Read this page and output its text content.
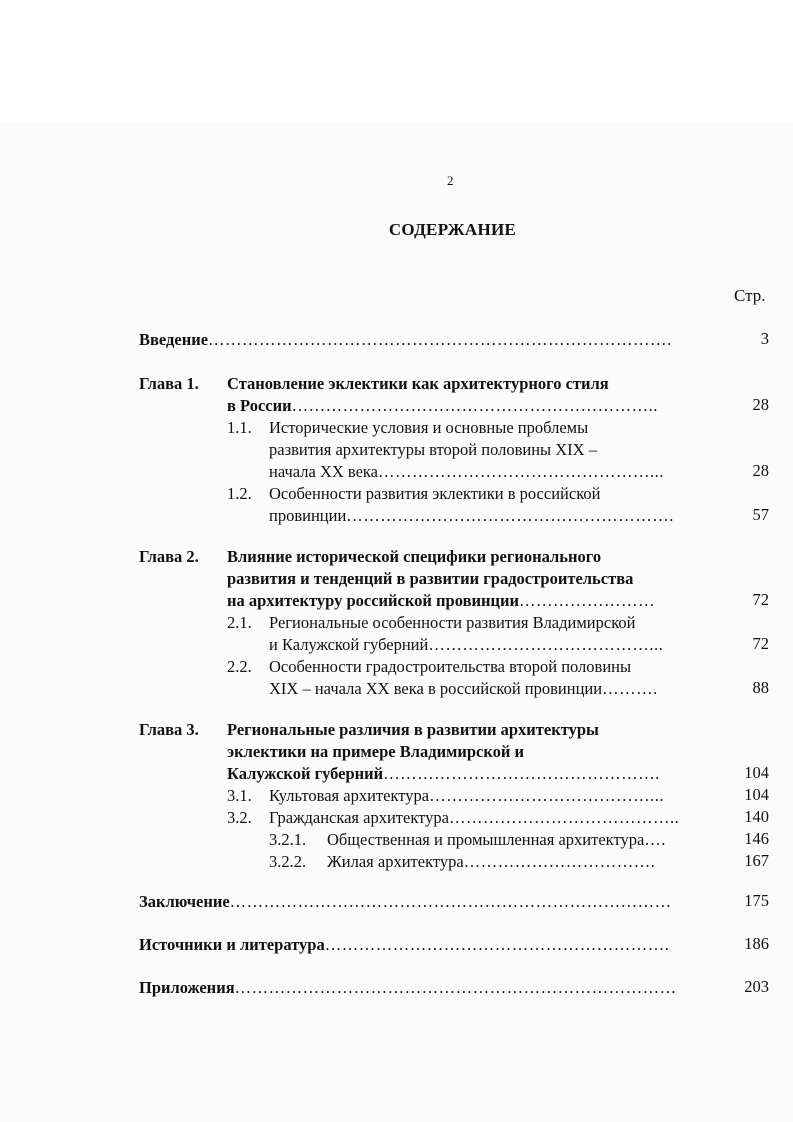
2
СОДЕРЖАНИЕ
Стр.
Введение……………………………………………………………………….	3
Глава 1. Становление эклектики как архитектурного стиля
в России………………………………………………………..	28
1.1. Исторические условия и основные проблемы
развития архитектуры второй половины XIX –
начала XX века…………………………………………...	28
1.2. Особенности развития эклектики в российской
провинции………………………………………………….	57
Глава 2. Влияние исторической специфики регионального
развития и тенденций в развитии градостроительства
на архитектуру российской провинции……………………	72
2.1. Региональные особенности развития Владимирской
и Калужской губерний…………………………………...	72
2.2. Особенности градостроительства второй половины
XIX – начала XX века в российской провинции……….	88
Глава 3. Региональные различия в развитии архитектуры
эклектики на примере Владимирской и
Калужской губерний………………………………………….	104
3.1. Культовая архитектура…………………………………...	104
3.2. Гражданская архитектура…………………………………..	140
3.2.1. Общественная и промышленная архитектура….	146
3.2.2. Жилая архитектура…………………………….	167
Заключение……………………………………………………………………	175
Источники и литература…………………………………………………….	186
Приложения……………………………………………………………………	203
